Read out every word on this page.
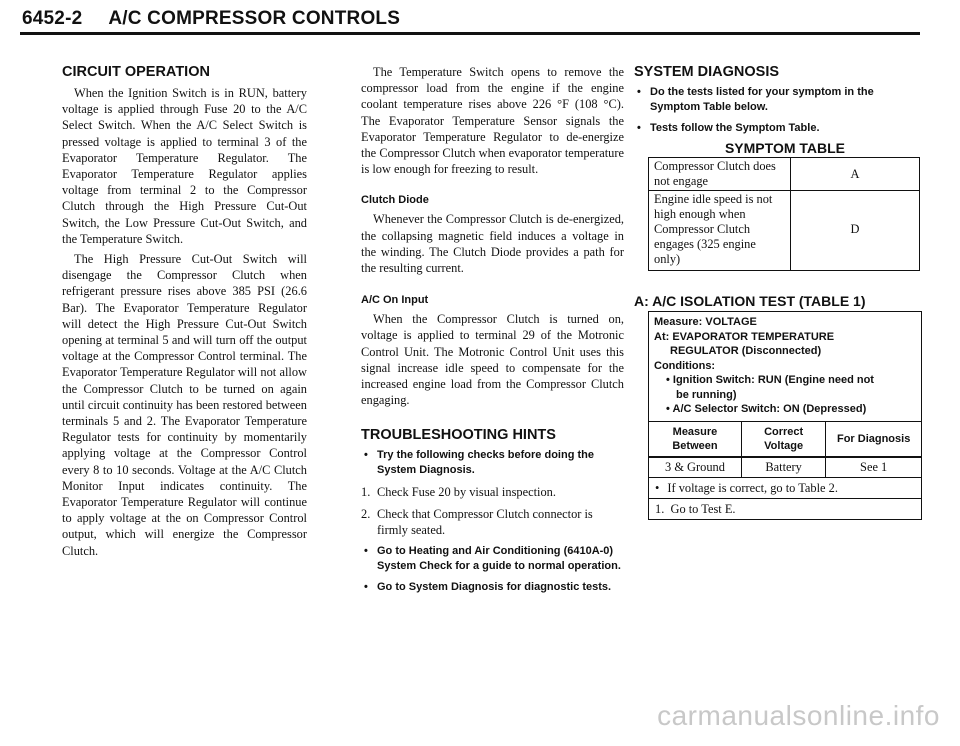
6452-2 A/C COMPRESSOR CONTROLS
CIRCUIT OPERATION

When the Ignition Switch is in RUN, battery voltage is applied through Fuse 20 to the A/C Select Switch. When the A/C Select Switch is pressed voltage is applied to terminal 3 of the Evaporator Temperature Regulator. The Evaporator Temperature Regulator applies voltage from terminal 2 to the Compressor Clutch through the High Pressure Cut-Out Switch, the Low Pressure Cut-Out Switch, and the Temperature Switch.

The High Pressure Cut-Out Switch will disengage the Compressor Clutch when refrigerant pressure rises above 385 PSI (26.6 Bar). The Evaporator Temperature Regulator will detect the High Pressure Cut-Out Switch opening at terminal 5 and will turn off the output voltage at the Compressor Control terminal. The Evaporator Temperature Regulator will not allow the Compressor Clutch to be turned on again until circuit continuity has been restored between terminals 5 and 2. The Evaporator Temperature Regulator tests for continuity by momentarily applying voltage at the Compressor Control every 8 to 10 seconds. Voltage at the A/C Clutch Monitor Input indicates continuity. The Evaporator Temperature Regulator will continue to apply voltage at the on Compressor Control output, which will energize the Compressor Clutch.

The Temperature Switch opens to remove the compressor load from the engine if the engine coolant temperature rises above 226 °F (108 °C). The Evaporator Temperature Sensor signals the Evaporator Temperature Regulator to de-energize the Compressor Clutch when evaporator temperature is low enough for freezing to result.

Clutch Diode

Whenever the Compressor Clutch is de-energized, the collapsing magnetic field induces a voltage in the winding. The Clutch Diode provides a path for the resulting current.

A/C On Input

When the Compressor Clutch is turned on, voltage is applied to terminal 29 of the Motronic Control Unit. The Motronic Control Unit uses this signal increase idle speed to compensate for the increased engine load from the Compressor Clutch engaging.

TROUBLESHOOTING HINTS
• Try the following checks before doing the System Diagnosis.
1. Check Fuse 20 by visual inspection.
2. Check that Compressor Clutch connector is firmly seated.
• Go to Heating and Air Conditioning (6410A-0) System Check for a guide to normal operation.
• Go to System Diagnosis for diagnostic tests.
SYSTEM DIAGNOSIS
• Do the tests listed for your symptom in the Symptom Table below.
• Tests follow the Symptom Table.
SYMPTOM TABLE
Compressor Clutch does not engage	A
Engine idle speed is not high enough when Compressor Clutch engages (325 engine only)	D
A: A/C ISOLATION TEST (TABLE 1)
Measure: VOLTAGE
At: EVAPORATOR TEMPERATURE
REGULATOR (Disconnected)
Conditions:
• Ignition Switch: RUN (Engine need not
be running)
• A/C Selector Switch: ON (Depressed)
Measure Between	Correct Voltage	For Diagnosis
3 & Ground	Battery	See 1
• If voltage is correct, go to Table 2.
1. Go to Test E.
carmanualsonline.info
